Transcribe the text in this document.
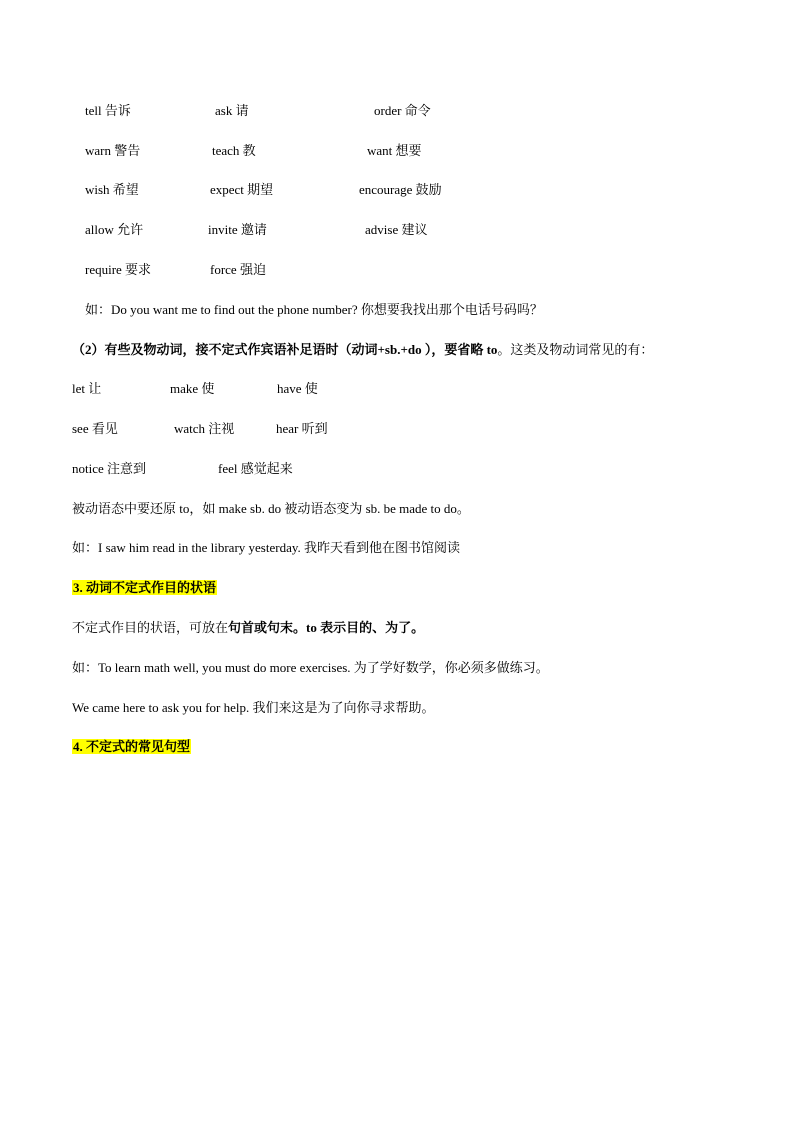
tell 告诉	ask 请	order 命令
warn 警告	teach 教	want 想要
wish 希望	expect 期望	encourage 鼓励
allow 允许	invite 邀请	advise 建议
require 要求	force 强迫
如：Do you want me to find out the phone number? 你想要我找出那个电话号码吗？
（2）有些及物动词，接不定式作宾语补足语时（动词+sb.+do ），要省略 to。这类及物动词常见的有：
let 让	make 使	have 使
see 看见	watch 注视	hear 听到
notice 注意到	feel 感觉起来
被动语态中要还原 to，如 make sb. do 被动语态变为 sb. be made to do。
如：I saw him read in the library yesterday. 我昨天看到他在图书馆阅读
3. 动词不定式作目的状语
不定式作目的状语，可放在句首或句末。to 表示目的、为了。
如：To learn math well, you must do more exercises. 为了学好数学，你必须多做练习。
We came here to ask you for help. 我们来这是为了向你寻求帮助。
4. 不定式的常见句型
